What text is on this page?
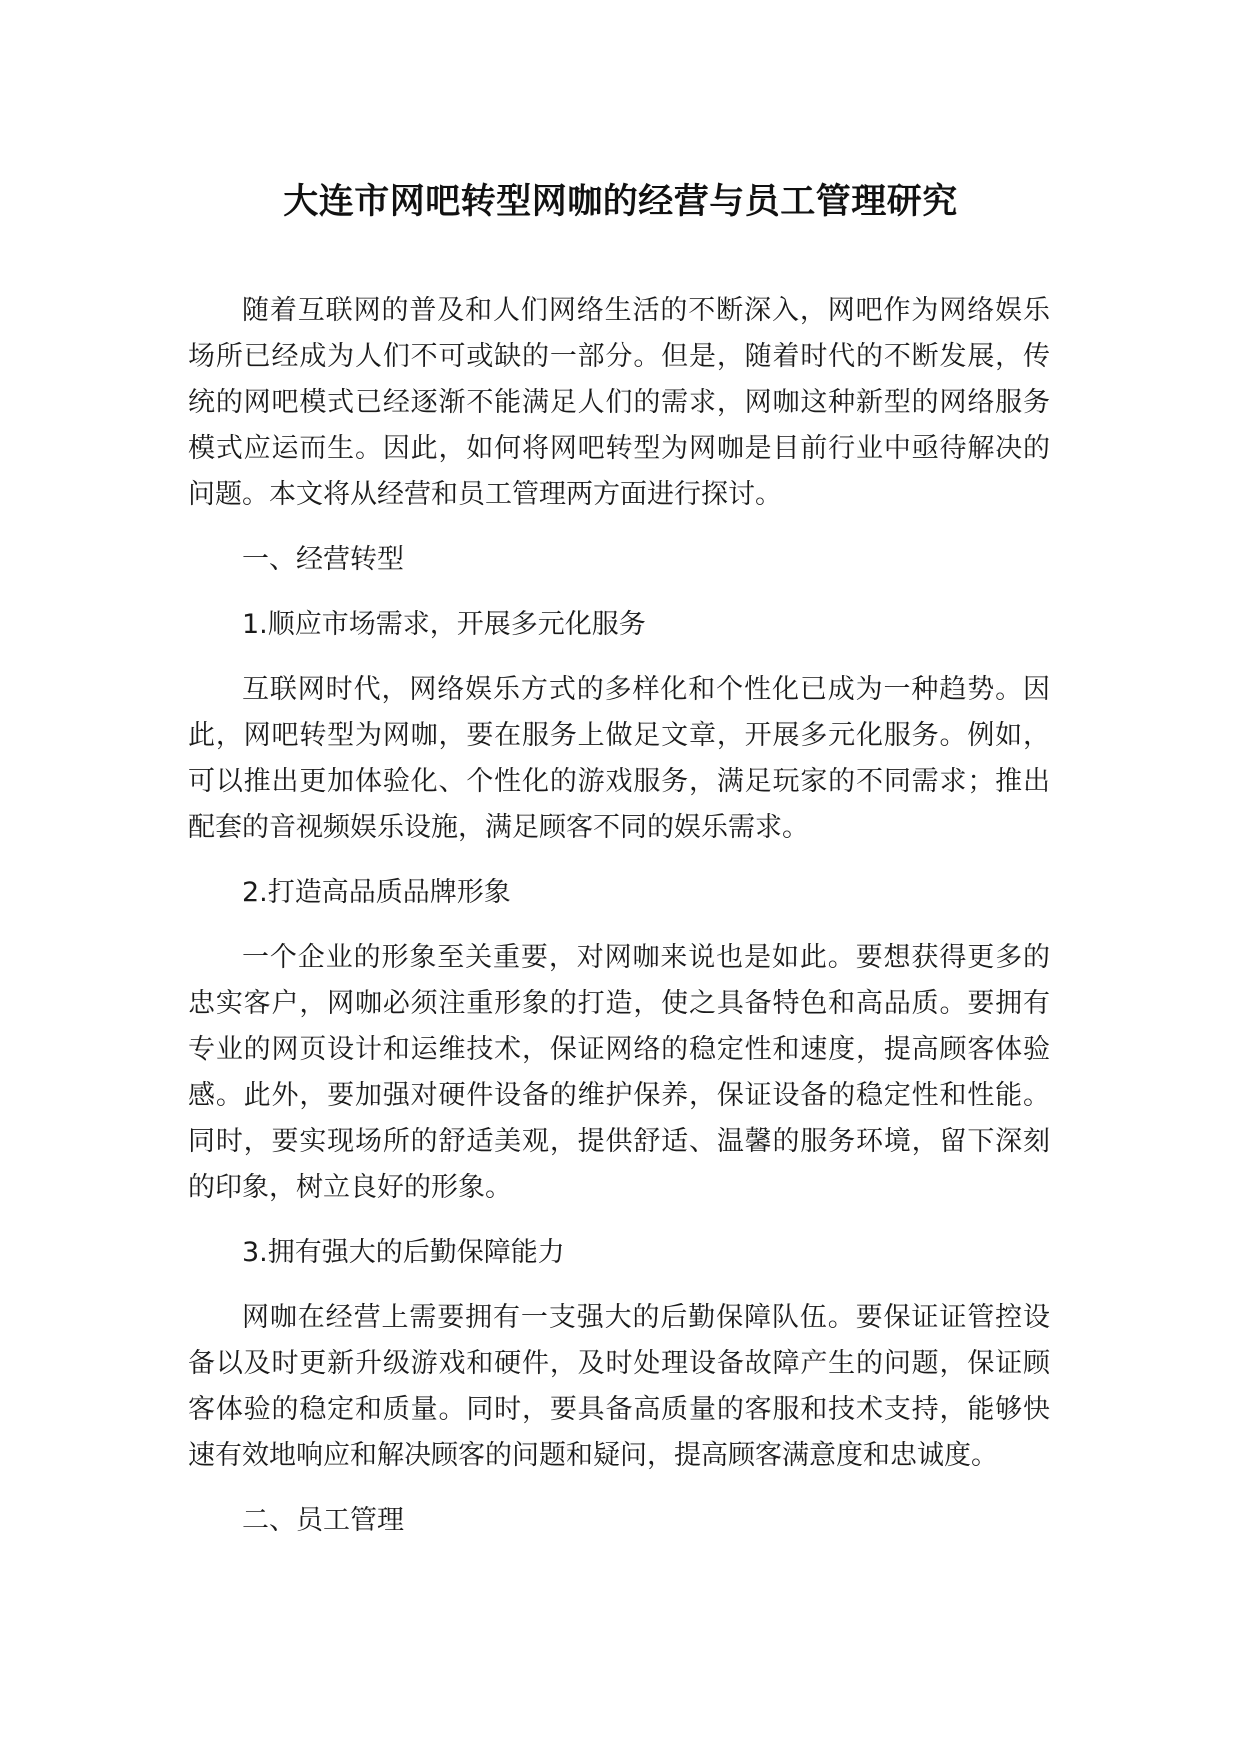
大连市网吧转型网咖的经营与员工管理研究

随着互联网的普及和人们网络生活的不断深入，网吧作为网络娱乐场所已经成为人们不可或缺的一部分。但是，随着时代的不断发展，传统的网吧模式已经逐渐不能满足人们的需求，网咖这种新型的网络服务模式应运而生。因此，如何将网吧转型为网咖是目前行业中亟待解决的问题。本文将从经营和员工管理两方面进行探讨。

一、经营转型

1.顺应市场需求，开展多元化服务

互联网时代，网络娱乐方式的多样化和个性化已成为一种趋势。因此，网吧转型为网咖，要在服务上做足文章，开展多元化服务。例如，可以推出更加体验化、个性化的游戏服务，满足玩家的不同需求；推出配套的音视频娱乐设施，满足顾客不同的娱乐需求。

2.打造高品质品牌形象

一个企业的形象至关重要，对网咖来说也是如此。要想获得更多的忠实客户，网咖必须注重形象的打造，使之具备特色和高品质。要拥有专业的网页设计和运维技术，保证网络的稳定性和速度，提高顾客体验感。此外，要加强对硬件设备的维护保养，保证设备的稳定性和性能。同时，要实现场所的舒适美观，提供舒适、温馨的服务环境，留下深刻的印象，树立良好的形象。

3.拥有强大的后勤保障能力

网咖在经营上需要拥有一支强大的后勤保障队伍。要保证证管控设备以及时更新升级游戏和硬件，及时处理设备故障产生的问题，保证顾客体验的稳定和质量。同时，要具备高质量的客服和技术支持，能够快速有效地响应和解决顾客的问题和疑问，提高顾客满意度和忠诚度。

二、员工管理
